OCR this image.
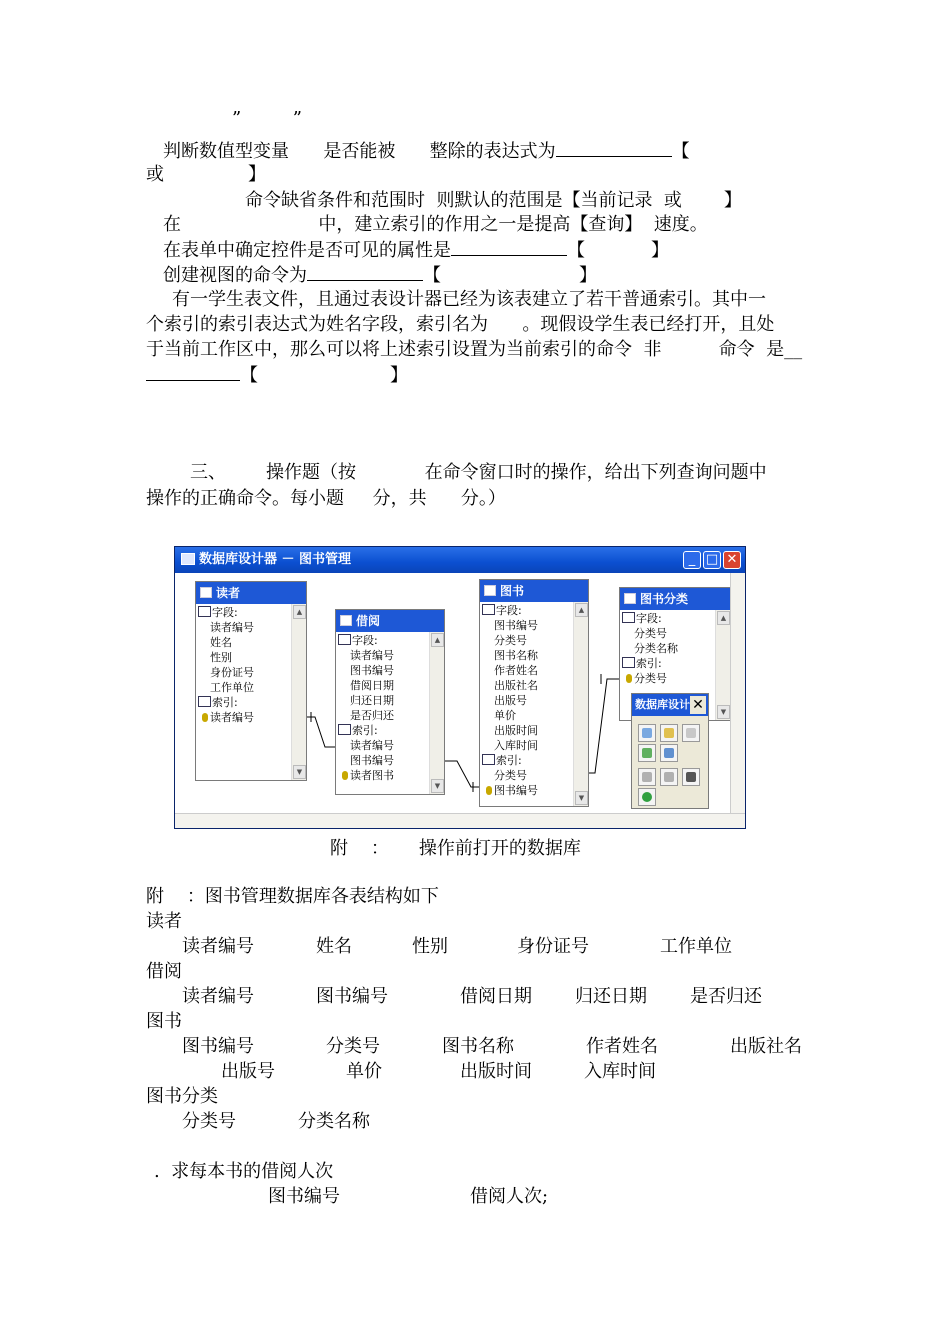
”         ”
判断数值型变量      是否能被      整除的表达式为	【
或	】
命令缺省条件和范围时  则默认的范围是【当前记录  或 】
在                        中，建立索引的作用之一是提高【查询】  速度。
在表单中确定控件是否可见的属性是	【	】
创建视图的命令为	【	】
有一学生表文件，且通过表设计器已经为该表建立了若干普通索引。其中一
个索引的索引表达式为姓名字段，索引名为      。现假设学生表已经打开，且处
于当前工作区中，那么可以将上述索引设置为当前索引的命令  非          命令  是__
【	】
三、 操作题（按            在命令窗口时的操作，给出下列查询问题中
操作的正确命令。每小题     分，共      分。）
数据库设计器 － 图书管理	_ □ ✕
读者
字段:
读者编号
姓名
性别
身份证号
工作单位
索引:
读者编号
▲
▼
借阅
字段:
读者编号
图书编号
借阅日期
归还日期
是否归还
索引:
读者编号
图书编号
读者图书
▲
▼
图书
字段:
图书编号
分类号
图书名称
作者姓名
出版社名
出版号
单价
出版时间
入库时间
索引:
分类号
图书编号
▲
▼
图书分类
字段:
分类号
分类名称
索引:
分类号
▲
▼
数据库设计 ✕
附    ： 操作前打开的数据库
附    ：图书管理数据库各表结构如下
读者
读者编号	姓名	性别	身份证号	工作单位
借阅
读者编号	图书编号	借阅日期 归还日期 是否归还
图书
图书编号	分类号	图书名称	作者姓名	出版社名
出版号	单价	出版时间	入库时间
图书分类
分类号	分类名称
.  求每本书的借阅人次
图书编号	借阅人次;
